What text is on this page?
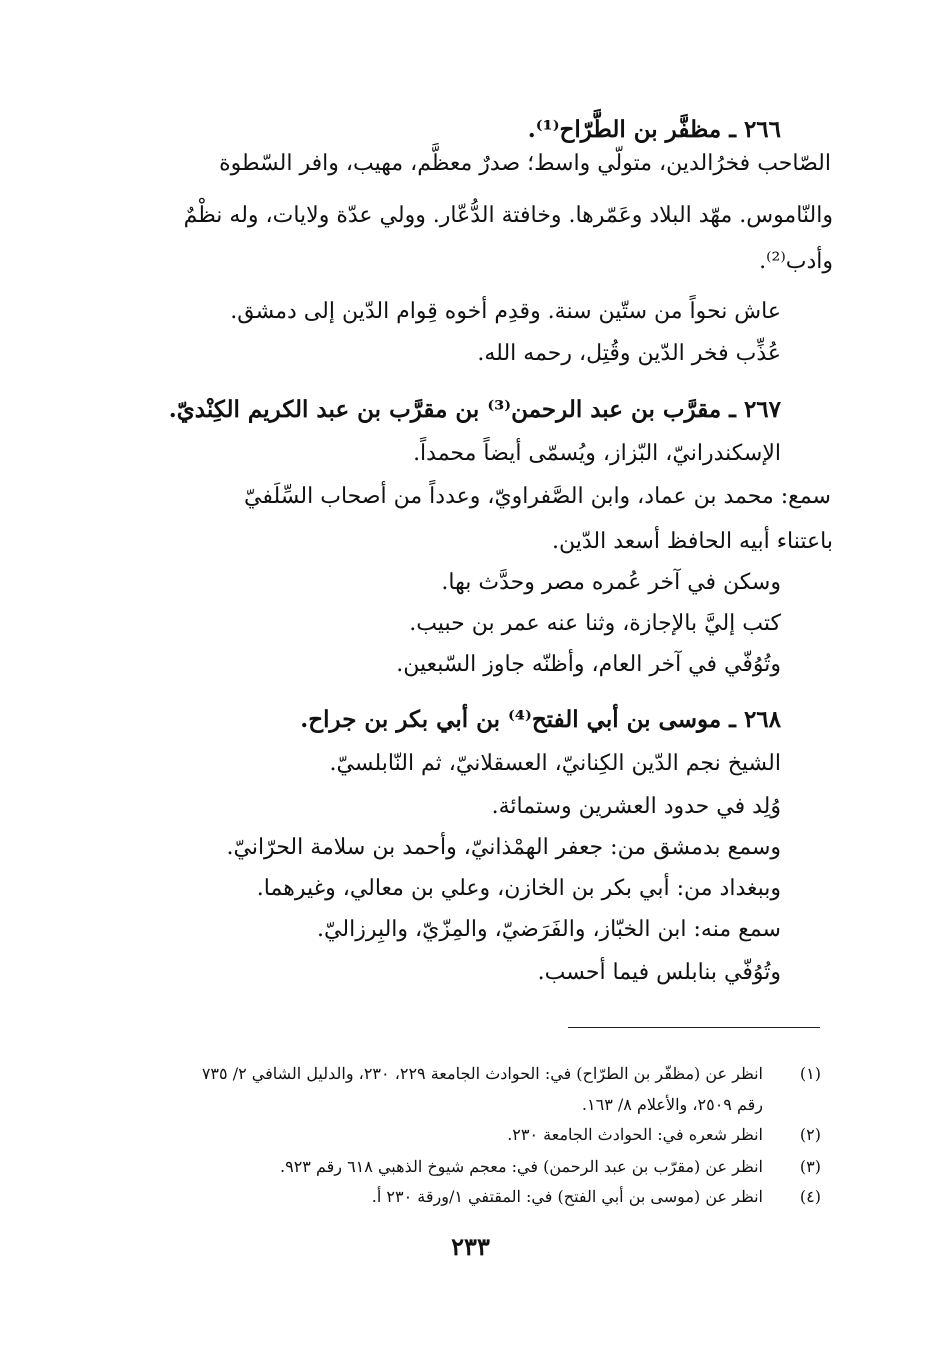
٢٦٦ ـ مظفَّر بن الطَّرّاح⁽¹⁾.
الصّاحب فخرُالدين، متولّي واسط؛ صدرٌ معظَّم، مهيب، وافر السّطوة
والنّاموس. مهّد البلاد وعَمّرها. وخافتة الدُّعّار. وولي عدّة ولايات، وله نظْمٌ
وأدب⁽²⁾.
عاش نحواً من ستّين سنة. وقدِم أخوه قِوام الدّين إلى دمشق.
عُذِّب فخر الدّين وقُتِل، رحمه الله.
٢٦٧ ـ مقرَّب بن عبد الرحمن⁽³⁾ بن مقرَّب بن عبد الكريم الكِنْديّ.
الإسكندرانيّ، البّزاز، ويُسمّى أيضاً محمداً.
سمع: محمد بن عماد، وابن الصَّفراويّ، وعدداً من أصحاب السِّلَفيّ
باعتناء أبيه الحافظ أسعد الدّين.
وسكن في آخر عُمره مصر وحدَّث بها.
كتب إليَّ بالإجازة، وثنا عنه عمر بن حبيب.
وتُوُفّي في آخر العام، وأظنّه جاوز السّبعين.
٢٦٨ ـ موسى بن أبي الفتح⁽⁴⁾ بن أبي بكر بن جراح.
الشيخ نجم الدّين الكِنانيّ، العسقلانيّ، ثم النّابلسيّ.
وُلِد في حدود العشرين وستمائة.
وسمع بدمشق من: جعفر الهمْذانيّ، وأحمد بن سلامة الحرّانيّ.
وببغداد من: أبي بكر بن الخازن، وعلي بن معالي، وغيرهما.
سمع منه: ابن الخبّاز، والفَرَضيّ، والمِزّيّ، والبِرزاليّ.
وتُوُفّي بنابلس فيما أحسب.
(١)
انظر عن (مظفّر بن الطرّاح) في: الحوادث الجامعة ٢٢٩، ٢٣٠، والدليل الشافي ٢/ ٧٣٥
رقم ٢٥٠٩، والأعلام ٨/ ١٦٣.
(٢)
انظر شعره في: الحوادث الجامعة ٢٣٠.
(٣)
انظر عن (مقرّب بن عبد الرحمن) في: معجم شيوخ الذهبي ٦١٨ رقم ٩٢٣.
(٤)
انظر عن (موسى بن أبي الفتح) في: المقتفي ١/ورقة ٢٣٠ أ.
٢٣٣
